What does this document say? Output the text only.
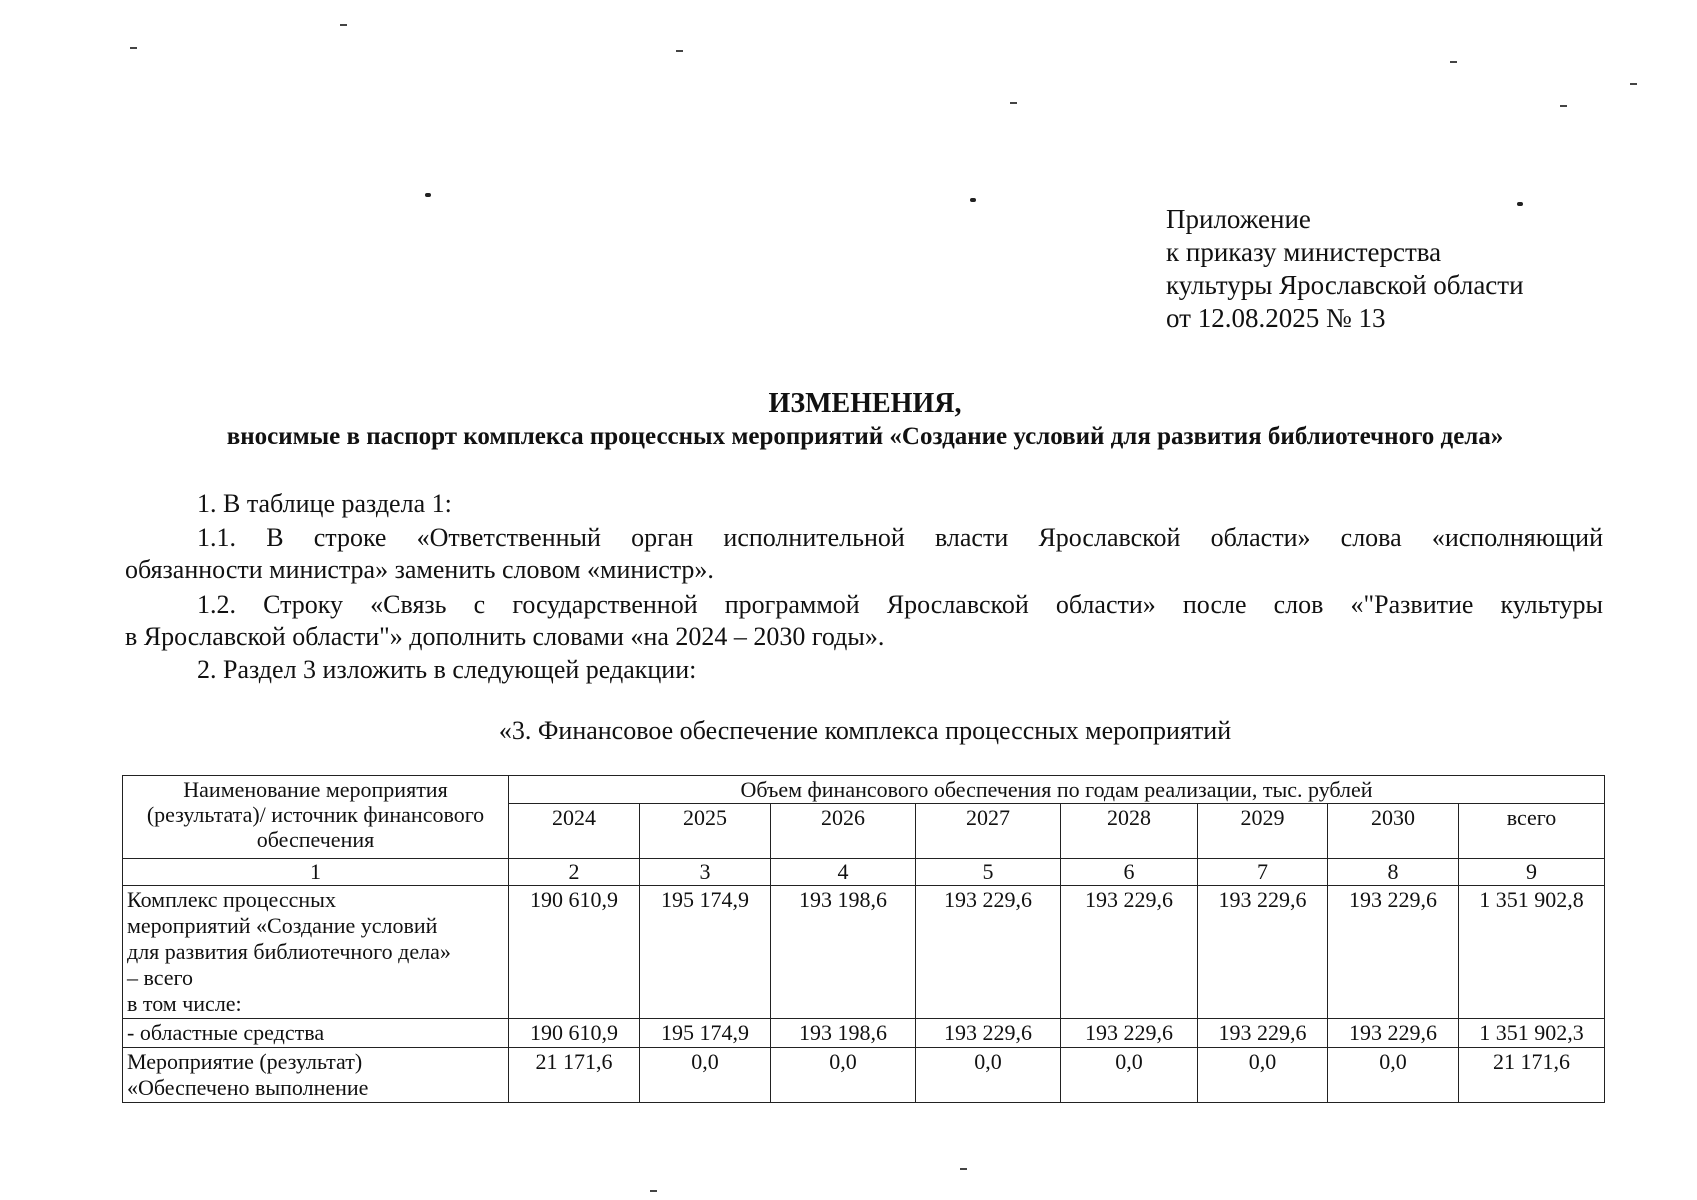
Приложение
к приказу министерства
культуры Ярославской области
от 12.08.2025 № 13
ИЗМЕНЕНИЯ,
вносимые в паспорт комплекса процессных мероприятий «Создание условий для развития библиотечного дела»
1. В таблице раздела 1:
1.1. В строке «Ответственный орган исполнительной власти Ярославской области» слова «исполняющий
обязанности министра» заменить словом «министр».
1.2. Строку «Связь с государственной программой Ярославской области» после слов «"Развитие культуры
в Ярославской области"» дополнить словами «на 2024 – 2030 годы».
2. Раздел 3 изложить в следующей редакции:
«3. Финансовое обеспечение комплекса процессных мероприятий
Наименование мероприятия (результата)/ источник финансового обеспечения	Объем финансового обеспечения по годам реализации, тыс. рублей							
	2024	2025	2026	2027	2028	2029	2030	всего
1	2	3	4	5	6	7	8	9

Комплекс процессных
мероприятий «Создание условий
для развития библиотечного дела»
– всего
в том числе:	190 610,9	195 174,9	193 198,6	193 229,6	193 229,6	193 229,6	193 229,6	1 351 902,8

- областные средства	190 610,9	195 174,9	193 198,6	193 229,6	193 229,6	193 229,6	193 229,6	1 351 902,3

Мероприятие (результат)
«Обеспечено выполнение	21 171,6	0,0	0,0	0,0	0,0	0,0	0,0	21 171,6
